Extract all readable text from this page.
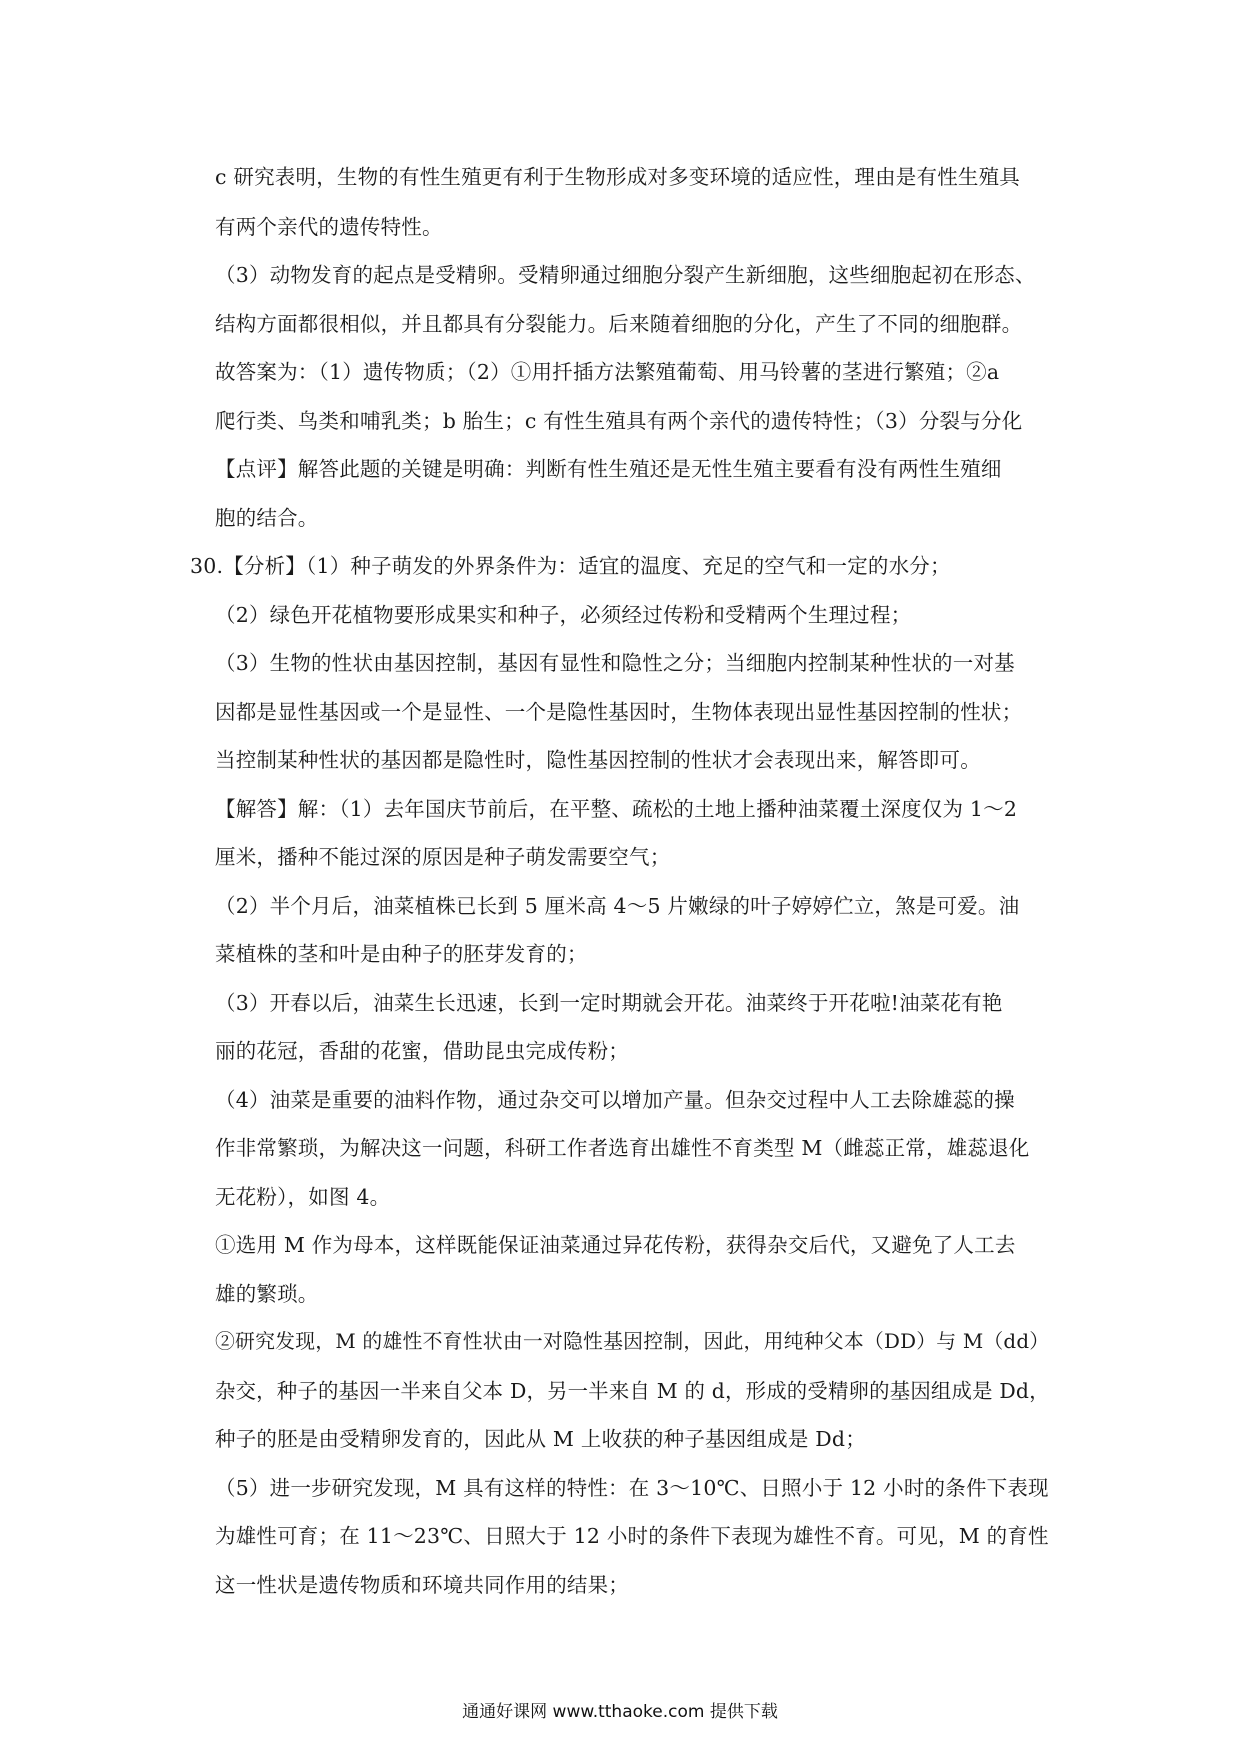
c 研究表明，生物的有性生殖更有利于生物形成对多变环境的适应性，理由是有性生殖具
有两个亲代的遗传特性。
（3）动物发育的起点是受精卵。受精卵通过细胞分裂产生新细胞，这些细胞起初在形态、
结构方面都很相似，并且都具有分裂能力。后来随着细胞的分化，产生了不同的细胞群。
故答案为：（1）遗传物质；（2）①用扦插方法繁殖葡萄、用马铃薯的茎进行繁殖；②a
爬行类、鸟类和哺乳类；b 胎生；c 有性生殖具有两个亲代的遗传特性；（3）分裂与分化
【点评】解答此题的关键是明确：判断有性生殖还是无性生殖主要看有没有两性生殖细
胞的结合。
30.【分析】（1）种子萌发的外界条件为：适宜的温度、充足的空气和一定的水分；
（2）绿色开花植物要形成果实和种子，必须经过传粉和受精两个生理过程；
（3）生物的性状由基因控制，基因有显性和隐性之分；当细胞内控制某种性状的一对基
因都是显性基因或一个是显性、一个是隐性基因时，生物体表现出显性基因控制的性状；
当控制某种性状的基因都是隐性时，隐性基因控制的性状才会表现出来，解答即可。
【解答】解：（1）去年国庆节前后，在平整、疏松的土地上播种油菜覆土深度仅为 1～2
厘米，播种不能过深的原因是种子萌发需要空气；
（2）半个月后，油菜植株已长到 5 厘米高 4～5 片嫩绿的叶子婷婷伫立，煞是可爱。油
菜植株的茎和叶是由种子的胚芽发育的；
（3）开春以后，油菜生长迅速，长到一定时期就会开花。油菜终于开花啦!油菜花有艳
丽的花冠，香甜的花蜜，借助昆虫完成传粉；
（4）油菜是重要的油料作物，通过杂交可以增加产量。但杂交过程中人工去除雄蕊的操
作非常繁琐，为解决这一问题，科研工作者选育出雄性不育类型 M（雌蕊正常，雄蕊退化
无花粉），如图 4。
①选用 M 作为母本，这样既能保证油菜通过异花传粉，获得杂交后代，又避免了人工去
雄的繁琐。
②研究发现，M 的雄性不育性状由一对隐性基因控制，因此，用纯种父本（DD）与 M（dd）
杂交，种子的基因一半来自父本 D，另一半来自 M 的 d，形成的受精卵的基因组成是 Dd，
种子的胚是由受精卵发育的，因此从 M 上收获的种子基因组成是 Dd；
（5）进一步研究发现，M 具有这样的特性：在 3～10℃、日照小于 12 小时的条件下表现
为雄性可育；在 11～23℃、日照大于 12 小时的条件下表现为雄性不育。可见，M 的育性
这一性状是遗传物质和环境共同作用的结果；
通通好课网 www.tthaoke.com 提供下载
